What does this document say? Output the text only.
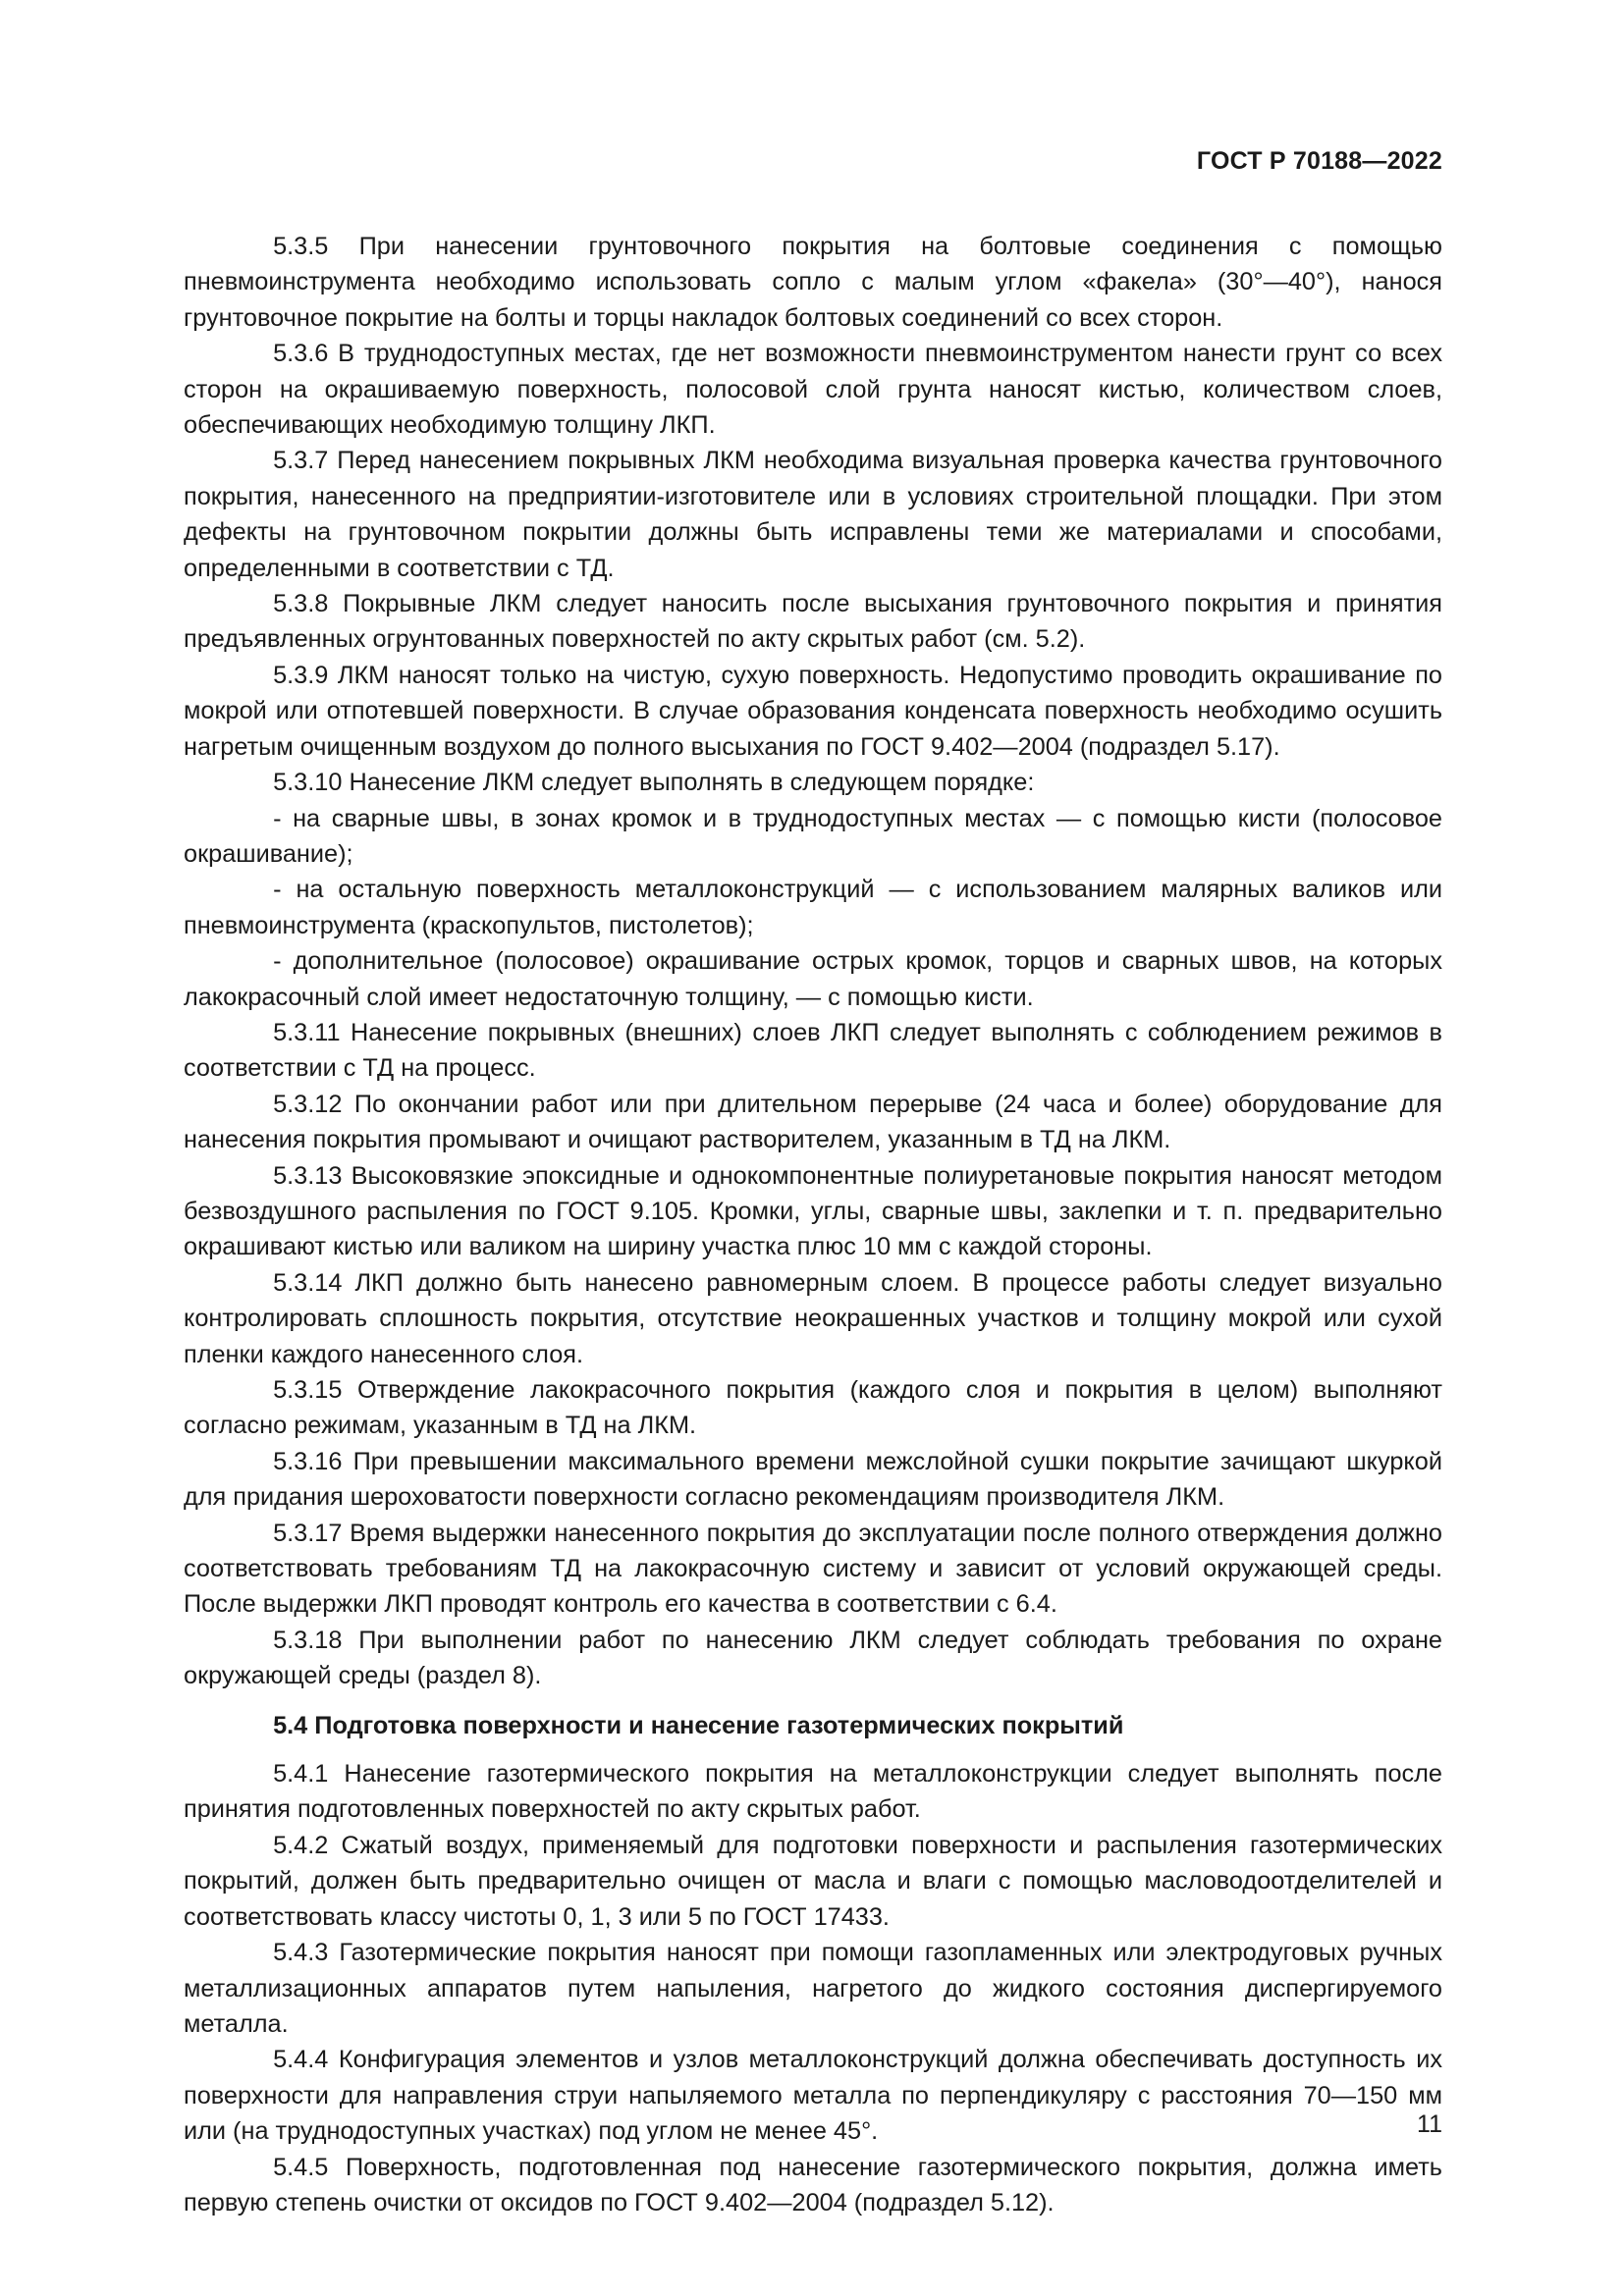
ГОСТ Р 70188—2022

5.3.5 При нанесении грунтовочного покрытия на болтовые соединения с помощью пневмоинструмента необходимо использовать сопло с малым углом «факела» (30°—40°), нанося грунтовочное покрытие на болты и торцы накладок болтовых соединений со всех сторон.

5.3.6 В труднодоступных местах, где нет возможности пневмоинструментом нанести грунт со всех сторон на окрашиваемую поверхность, полосовой слой грунта наносят кистью, количеством слоев, обеспечивающих необходимую толщину ЛКП.

5.3.7 Перед нанесением покрывных ЛКМ необходима визуальная проверка качества грунтовочного покрытия, нанесенного на предприятии-изготовителе или в условиях строительной площадки. При этом дефекты на грунтовочном покрытии должны быть исправлены теми же материалами и способами, определенными в соответствии с ТД.

5.3.8 Покрывные ЛКМ следует наносить после высыхания грунтовочного покрытия и принятия предъявленных огрунтованных поверхностей по акту скрытых работ (см. 5.2).

5.3.9 ЛКМ наносят только на чистую, сухую поверхность. Недопустимо проводить окрашивание по мокрой или отпотевшей поверхности. В случае образования конденсата поверхность необходимо осушить нагретым очищенным воздухом до полного высыхания по ГОСТ 9.402—2004 (подраздел 5.17).

5.3.10 Нанесение ЛКМ следует выполнять в следующем порядке:

- на сварные швы, в зонах кромок и в труднодоступных местах — с помощью кисти (полосовое окрашивание);

- на остальную поверхность металлоконструкций — с использованием малярных валиков или пневмоинструмента (краскопультов, пистолетов);

- дополнительное (полосовое) окрашивание острых кромок, торцов и сварных швов, на которых лакокрасочный слой имеет недостаточную толщину, — с помощью кисти.

5.3.11 Нанесение покрывных (внешних) слоев ЛКП следует выполнять с соблюдением режимов в соответствии с ТД на процесс.

5.3.12 По окончании работ или при длительном перерыве (24 часа и более) оборудование для нанесения покрытия промывают и очищают растворителем, указанным в ТД на ЛКМ.

5.3.13 Высоковязкие эпоксидные и однокомпонентные полиуретановые покрытия наносят методом безвоздушного распыления по ГОСТ 9.105. Кромки, углы, сварные швы, заклепки и т. п. предварительно окрашивают кистью или валиком на ширину участка плюс 10 мм с каждой стороны.

5.3.14 ЛКП должно быть нанесено равномерным слоем. В процессе работы следует визуально контролировать сплошность покрытия, отсутствие неокрашенных участков и толщину мокрой или сухой пленки каждого нанесенного слоя.

5.3.15 Отверждение лакокрасочного покрытия (каждого слоя и покрытия в целом) выполняют согласно режимам, указанным в ТД на ЛКМ.

5.3.16 При превышении максимального времени межслойной сушки покрытие зачищают шкуркой для придания шероховатости поверхности согласно рекомендациям производителя ЛКМ.

5.3.17 Время выдержки нанесенного покрытия до эксплуатации после полного отверждения должно соответствовать требованиям ТД на лакокрасочную систему и зависит от условий окружающей среды. После выдержки ЛКП проводят контроль его качества в соответствии с 6.4.

5.3.18 При выполнении работ по нанесению ЛКМ следует соблюдать требования по охране окружающей среды (раздел 8).

5.4 Подготовка поверхности и нанесение газотермических покрытий

5.4.1 Нанесение газотермического покрытия на металлоконструкции следует выполнять после принятия подготовленных поверхностей по акту скрытых работ.

5.4.2 Сжатый воздух, применяемый для подготовки поверхности и распыления газотермических покрытий, должен быть предварительно очищен от масла и влаги с помощью масловодоотделителей и соответствовать классу чистоты 0, 1, 3 или 5 по ГОСТ 17433.

5.4.3 Газотермические покрытия наносят при помощи газопламенных или электродуговых ручных металлизационных аппаратов путем напыления, нагретого до жидкого состояния диспергируемого металла.

5.4.4 Конфигурация элементов и узлов металлоконструкций должна обеспечивать доступность их поверхности для направления струи напыляемого металла по перпендикуляру с расстояния 70—150 мм или (на труднодоступных участках) под углом не менее 45°.

5.4.5 Поверхность, подготовленная под нанесение газотермического покрытия, должна иметь первую степень очистки от оксидов по ГОСТ 9.402—2004 (подраздел 5.12).

11
